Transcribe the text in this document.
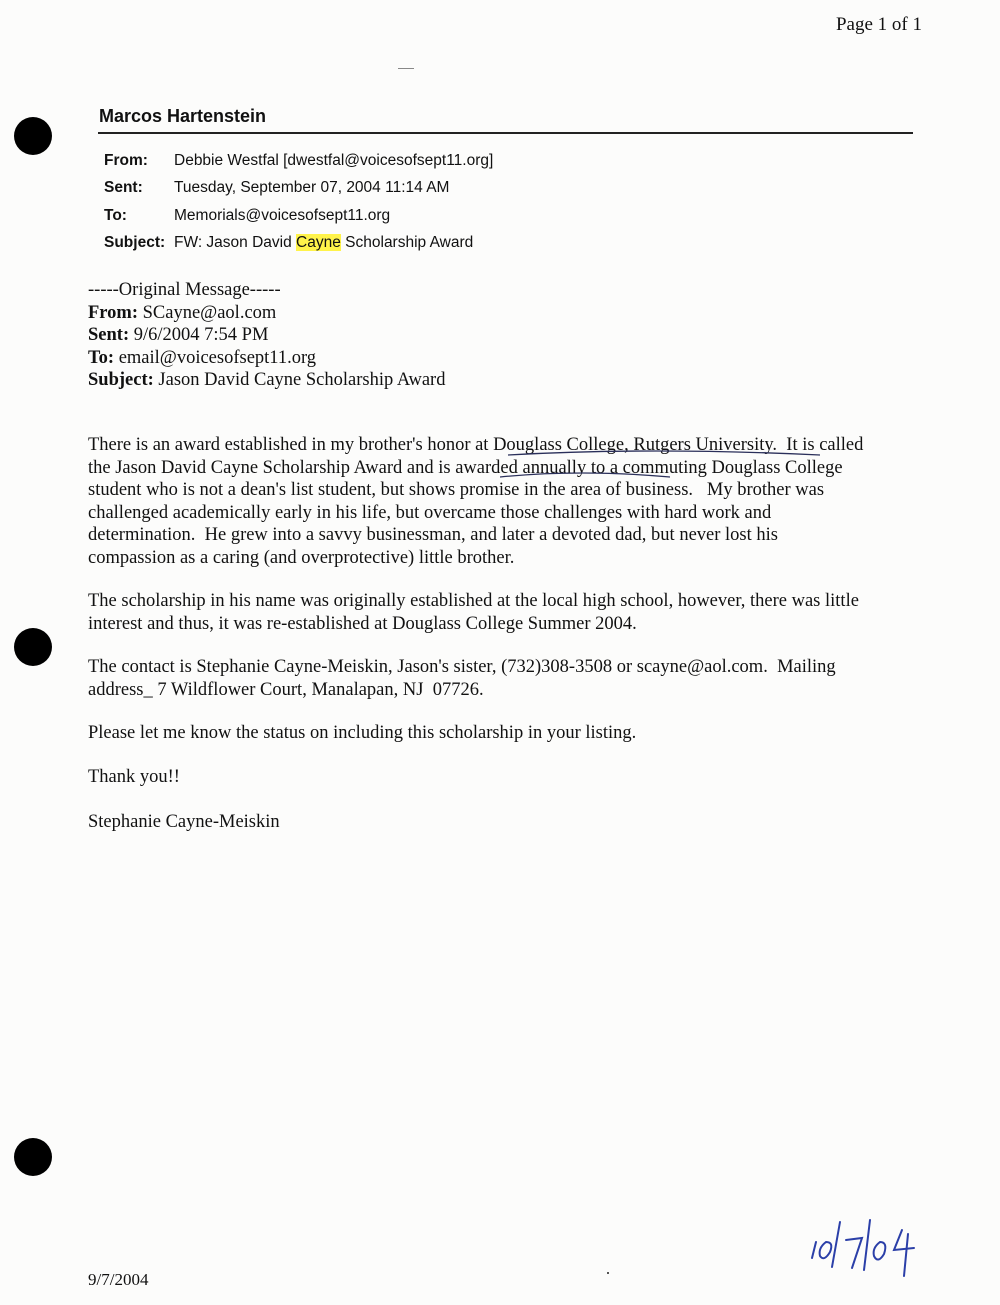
Page 1 of 1
Marcos Hartenstein
From:	Debbie Westfal [dwestfal@voicesofsept11.org]
Sent:	Tuesday, September 07, 2004 11:14 AM
To:	Memorials@voicesofsept11.org
Subject: FW: Jason David Cayne Scholarship Award
-----Original Message-----
From: SCayne@aol.com
Sent: 9/6/2004 7:54 PM
To: email@voicesofsept11.org
Subject: Jason David Cayne Scholarship Award

There is an award established in my brother's honor at Douglass College, Rutgers University.  It is called

the Jason David Cayne Scholarship Award and is awarded annually to a commuting Douglass College

student who is not a dean's list student, but shows promise in the area of business.   My brother was

challenged academically early in his life, but overcame those challenges with hard work and

determination.  He grew into a savvy businessman, and later a devoted dad, but never lost his

compassion as a caring (and overprotective) little brother.

The scholarship in his name was originally established at the local high school, however, there was little

interest and thus, it was re-established at Douglass College Summer 2004.

The contact is Stephanie Cayne-Meiskin, Jason's sister, (732)308-3508 or scayne@aol.com.  Mailing

address_ 7 Wildflower Court, Manalapan, NJ  07726.

Please let me know the status on including this scholarship in your listing.
Thank you!!
Stephanie Cayne-Meiskin
9/7/2004
